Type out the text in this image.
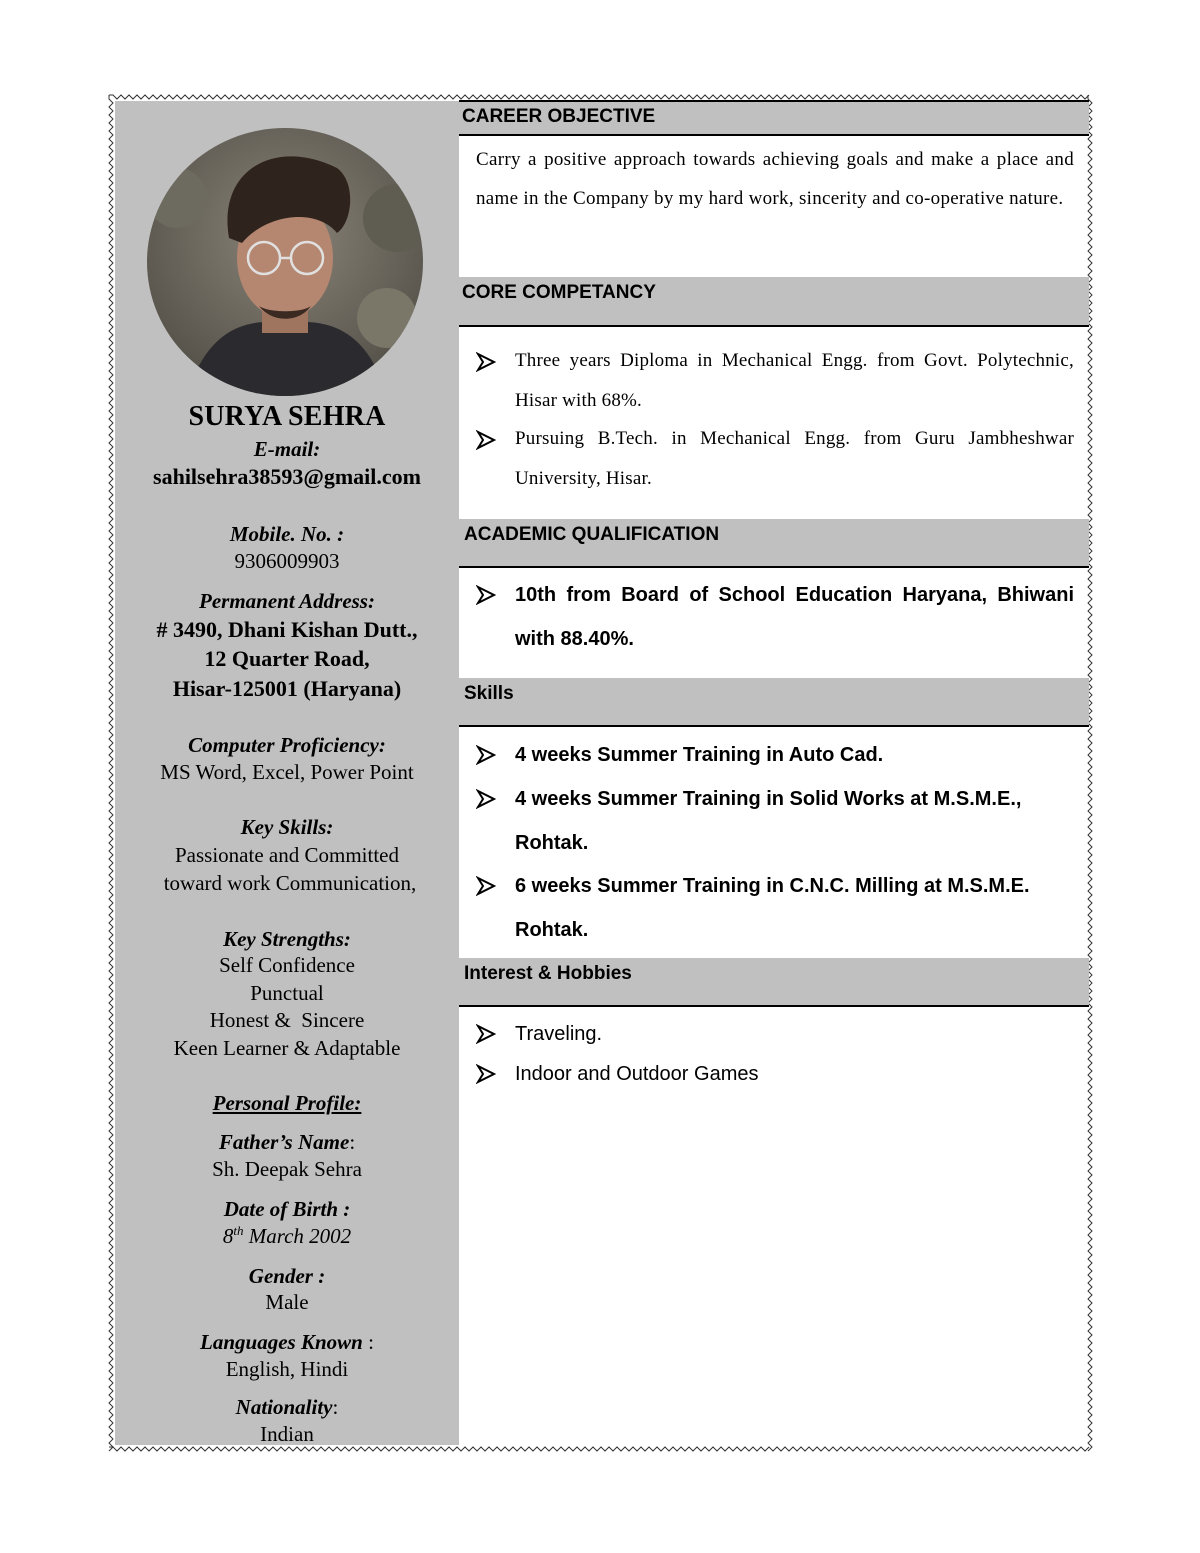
SURYA SEHRA
E-mail:
sahilsehra38593@gmail.com
Mobile. No. :
9306009903
Permanent Address:
# 3490, Dhani Kishan Dutt.,
12 Quarter Road,
Hisar-125001 (Haryana)
Computer Proficiency:
MS Word, Excel, Power Point
Key Skills:
Passionate and Committed
toward work Communication,
Key Strengths:
Self Confidence
Punctual
Honest &  Sincere
Keen Learner & Adaptable
Personal Profile:
Father’s Name:
Sh. Deepak Sehra
Date of Birth :
8th March 2002
Gender :
Male
Languages Known :
English, Hindi
Nationality:
Indian
CAREER OBJECTIVE
Carry a positive approach towards achieving goals and make a place and name in the Company by my hard work, sincerity and co-operative nature.
CORE COMPETANCY
Three years Diploma in Mechanical Engg. from Govt. Polytechnic, Hisar with 68%.
Pursuing B.Tech. in Mechanical Engg. from Guru Jambheshwar University, Hisar.
ACADEMIC QUALIFICATION
10th from Board of School Education Haryana, Bhiwani with 88.40%.
Skills
4 weeks Summer Training in Auto Cad.
4 weeks Summer Training in Solid Works at M.S.M.E., Rohtak.
6 weeks Summer Training in C.N.C. Milling at M.S.M.E. Rohtak.
Interest & Hobbies
Traveling.
Indoor and Outdoor Games
